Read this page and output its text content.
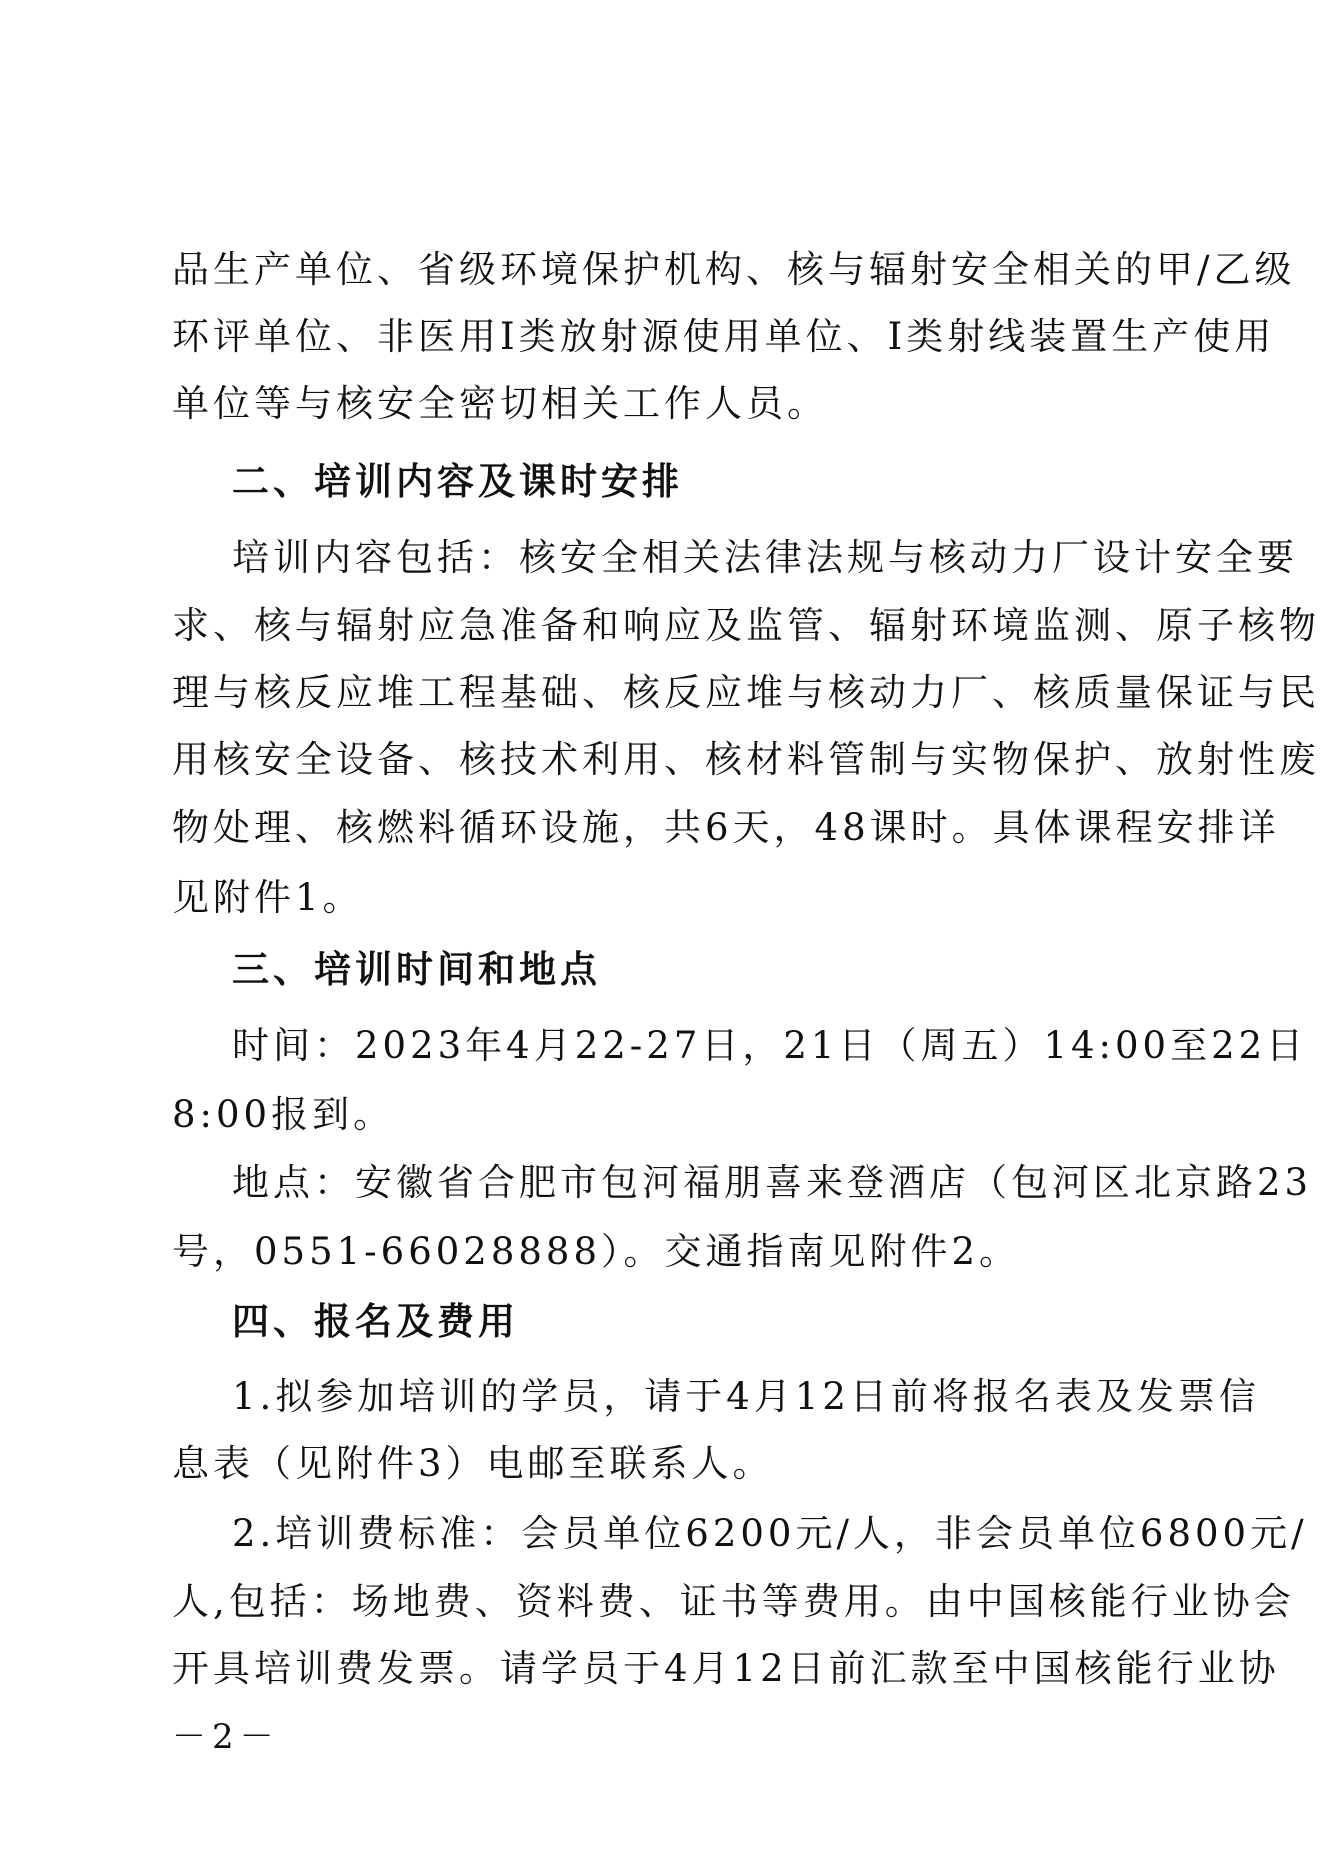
品生产单位、省级环境保护机构、核与辐射安全相关的甲/乙级
环评单位、非医用Ⅰ类放射源使用单位、Ⅰ类射线装置生产使用
单位等与核安全密切相关工作人员。
二、培训内容及课时安排
培训内容包括：核安全相关法律法规与核动力厂设计安全要
求、核与辐射应急准备和响应及监管、辐射环境监测、原子核物
理与核反应堆工程基础、核反应堆与核动力厂、核质量保证与民
用核安全设备、核技术利用、核材料管制与实物保护、放射性废
物处理、核燃料循环设施，共6天，48课时。具体课程安排详
见附件1。
三、培训时间和地点
时间：2023年4月22-27日，21日（周五）14:00至22日
8:00报到。
地点：安徽省合肥市包河福朋喜来登酒店（包河区北京路23
号，0551-66028888）。交通指南见附件2。
四、报名及费用
1.拟参加培训的学员，请于4月12日前将报名表及发票信
息表（见附件3）电邮至联系人。
2.培训费标准：会员单位6200元/人，非会员单位6800元/
人,包括：场地费、资料费、证书等费用。由中国核能行业协会
开具培训费发票。请学员于4月12日前汇款至中国核能行业协
－2－
